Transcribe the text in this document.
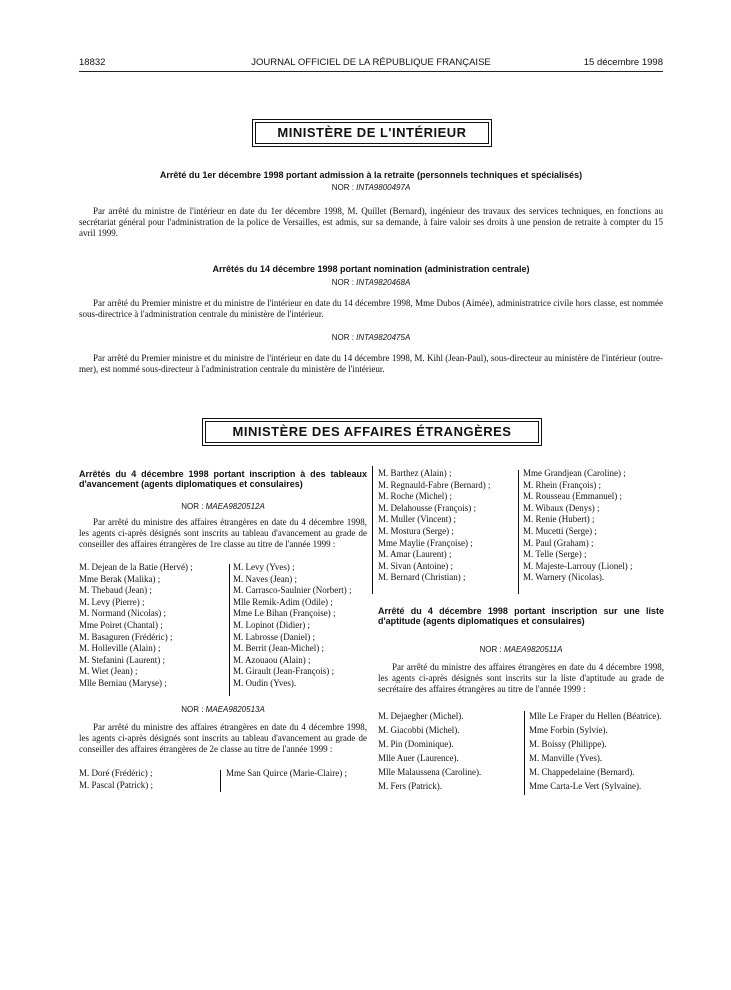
18832	JOURNAL OFFICIEL DE LA RÉPUBLIQUE FRANÇAISE	15 décembre 1998
MINISTÈRE DE L'INTÉRIEUR
Arrêté du 1er décembre 1998 portant admission à la retraite (personnels techniques et spécialisés)
NOR : INTA9800497A
Par arrêté du ministre de l'intérieur en date du 1er décembre 1998, M. Quillet (Bernard), ingénieur des travaux des services techniques, en fonctions au secrétariat général pour l'administration de la police de Versailles, est admis, sur sa demande, à faire valoir ses droits à une pension de retraite à compter du 15 avril 1999.
Arrêtés du 14 décembre 1998 portant nomination (administration centrale)
NOR : INTA9820468A
Par arrêté du Premier ministre et du ministre de l'intérieur en date du 14 décembre 1998, Mme Dubos (Aimée), administratrice civile hors classe, est nommée sous-directrice à l'administration centrale du ministère de l'intérieur.
NOR : INTA9820475A
Par arrêté du Premier ministre et du ministre de l'intérieur en date du 14 décembre 1998, M. Kihl (Jean-Paul), sous-directeur au ministère de l'intérieur (outre-mer), est nommé sous-directeur à l'administration centrale du ministère de l'intérieur.
MINISTÈRE DES AFFAIRES ÉTRANGÈRES
Arrêtés du 4 décembre 1998 portant inscription à des tableaux d'avancement (agents diplomatiques et consulaires)
NOR : MAEA9820512A
Par arrêté du ministre des affaires étrangères en date du 4 décembre 1998, les agents ci-après désignés sont inscrits au tableau d'avancement au grade de conseiller des affaires étrangères de 1re classe au titre de l'année 1999 :
M. Dejean de la Batie (Hervé) ;
Mme Berak (Malika) ;
M. Thebaud (Jean) ;
M. Levy (Pierre) ;
M. Normand (Nicolas) ;
Mme Poiret (Chantal) ;
M. Basaguren (Frédéric) ;
M. Holleville (Alain) ;
M. Stefanini (Laurent) ;
M. Wiet (Jean) ;
Mlle Berniau (Maryse) ;
M. Levy (Yves) ;
M. Naves (Jean) ;
M. Carrasco-Saulnier (Norbert) ;
Mlle Remik-Adim (Odile) ;
Mme Le Bihan (Françoise) ;
M. Lopinot (Didier) ;
M. Labrosse (Daniel) ;
M. Berrit (Jean-Michel) ;
M. Azouaou (Alain) ;
M. Girault (Jean-François) ;
M. Oudin (Yves).
NOR : MAEA9820513A
Par arrêté du ministre des affaires étrangères en date du 4 décembre 1998, les agents ci-après désignés sont inscrits au tableau d'avancement au grade de conseiller des affaires étrangères de 2e classe au titre de l'année 1999 :
M. Doré (Frédéric) ;
M. Pascal (Patrick) ;
Mme San Quirce (Marie-Claire) ;
M. Barthez (Alain) ;
M. Regnauld-Fabre (Bernard) ;
M. Roche (Michel) ;
M. Delahousse (François) ;
M. Muller (Vincent) ;
M. Mostura (Serge) ;
Mme Maylie (Françoise) ;
M. Amar (Laurent) ;
M. Sivan (Antoine) ;
M. Bernard (Christian) ;
Mme Grandjean (Caroline) ;
M. Rhein (François) ;
M. Rousseau (Emmanuel) ;
M. Wibaux (Denys) ;
M. Renie (Hubert) ;
M. Mucetti (Serge) ;
M. Paul (Graham) ;
M. Telle (Serge) ;
M. Majeste-Larrouy (Lionel) ;
M. Warnery (Nicolas).
Arrêté du 4 décembre 1998 portant inscription sur une liste d'aptitude (agents diplomatiques et consulaires)
NOR : MAEA9820511A
Par arrêté du ministre des affaires étrangères en date du 4 décembre 1998, les agents ci-après désignés sont inscrits sur la liste d'aptitude au grade de secrétaire des affaires étrangères au titre de l'année 1999 :
M. Dejaegher (Michel).
M. Giacobbi (Michel).
M. Pin (Dominique).
Mlle Auer (Laurence).
Mlle Malaussena (Caroline).
M. Fers (Patrick).
Mlle Le Fraper du Hellen (Béatrice).
Mme Forbin (Sylvie).
M. Boissy (Philippe).
M. Manville (Yves).
M. Chappedelaine (Bernard).
Mme Carta-Le Vert (Sylvaine).
